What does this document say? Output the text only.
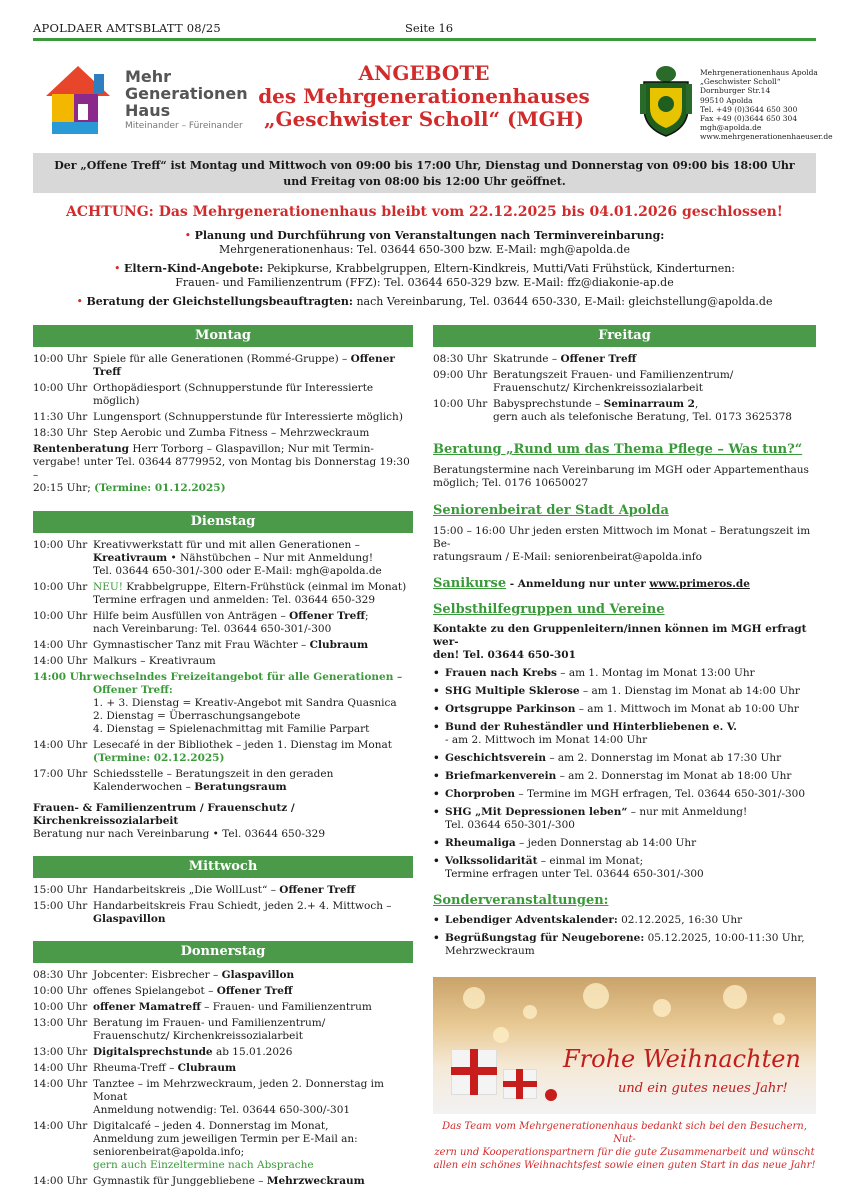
APOLDAER AMTSBLATT 08/25	Seite 16
Mehr
Generationen
Haus
Miteinander – Füreinander
ANGEBOTE
des Mehrgenerationenhauses
„Geschwister Scholl“ (MGH)
Mehrgenerationenhaus Apolda
„Geschwister Scholl“
Dornburger Str.14
99510 Apolda
Tel. +49 (0)3644 650 300
Fax +49 (0)3644 650 304
mgh@apolda.de
www.mehrgenerationenhaeuser.de
Der „Offene Treff“ ist Montag und Mittwoch von 09:00 bis 17:00 Uhr, Dienstag und Donnerstag von 09:00 bis 18:00 Uhr
und Freitag von 08:00 bis 12:00 Uhr geöffnet.
ACHTUNG: Das Mehrgenerationenhaus bleibt vom 22.12.2025 bis 04.01.2026 geschlossen!
• Planung und Durchführung von Veranstaltungen nach Terminvereinbarung:
Mehrgenerationenhaus: Tel. 03644 650-300 bzw. E-Mail: mgh@apolda.de
• Eltern-Kind-Angebote: Pekipkurse, Krabbelgruppen, Eltern-Kindkreis, Mutti/Vati Frühstück, Kinderturnen:
Frauen- und Familienzentrum (FFZ): Tel. 03644 650-329 bzw. E-Mail: ffz@diakonie-ap.de
• Beratung der Gleichstellungsbeauftragten: nach Vereinbarung, Tel. 03644 650-330, E-Mail: gleichstellung@apolda.de
Montag
10:00 Uhr Spiele für alle Generationen (Rommé-Gruppe) – Offener Treff
10:00 Uhr Orthopädiesport (Schnupperstunde für Interessierte möglich)
11:30 Uhr Lungensport (Schnupperstunde für Interessierte möglich)
18:30 Uhr Step Aerobic und Zumba Fitness – Mehrzweckraum
Rentenberatung Herr Torborg – Glaspavillon; Nur mit Termin-
vergabe! unter Tel. 03644 8779952, von Montag bis Donnerstag 19:30 –
20:15 Uhr; (Termine: 01.12.2025)
Dienstag
10:00 Uhr Kreativwerkstatt für und mit allen Generationen –
Kreativraum • Nähstübchen – Nur mit Anmeldung!
Tel. 03644 650-301/-300 oder E-Mail: mgh@apolda.de
10:00 Uhr NEU! Krabbelgruppe, Eltern-Frühstück (einmal im Monat)
Termine erfragen und anmelden: Tel. 03644 650-329
10:00 Uhr Hilfe beim Ausfüllen von Anträgen – Offener Treff;
nach Vereinbarung: Tel. 03644 650-301/-300
14:00 Uhr Gymnastischer Tanz mit Frau Wächter – Clubraum
14:00 Uhr Malkurs – Kreativraum
14:00 Uhr wechselndes Freizeitangebot für alle Generationen –
Offener Treff:
1. + 3. Dienstag = Kreativ-Angebot mit Sandra Quasnica
2. Dienstag = Überraschungsangebote
4. Dienstag = Spielenachmittag mit Familie Parpart
14:00 Uhr Lesecafé in der Bibliothek – jeden 1. Dienstag im Monat
(Termine: 02.12.2025)
17:00 Uhr Schiedsstelle – Beratungszeit in den geraden
Kalenderwochen – Beratungsraum
Frauen- & Familienzentrum / Frauenschutz / Kirchenkreissozialarbeit
Beratung nur nach Vereinbarung • Tel. 03644 650-329
Mittwoch
15:00 Uhr Handarbeitskreis „Die WollLust“ – Offener Treff
15:00 Uhr Handarbeitskreis Frau Schiedt, jeden 2.+ 4. Mittwoch –
Glaspavillon
Donnerstag
08:30 Uhr Jobcenter: Eisbrecher – Glaspavillon
10:00 Uhr offenes Spielangebot – Offener Treff
10:00 Uhr offener Mamatreff – Frauen- und Familienzentrum
13:00 Uhr Beratung im Frauen- und Familienzentrum/
Frauenschutz/ Kirchenkreissozialarbeit
13:00 Uhr Digitalsprechstunde ab 15.01.2026
14:00 Uhr Rheuma-Treff – Clubraum
14:00 Uhr Tanztee – im Mehrzweckraum, jeden 2. Donnerstag im Monat
Anmeldung notwendig: Tel. 03644 650-300/-301
14:00 Uhr Digitalcafé – jeden 4. Donnerstag im Monat,
Anmeldung zum jeweiligen Termin per E-Mail an:
seniorenbeirat@apolda.info;
gern auch Einzeltermine nach Absprache
14:00 Uhr Gymnastik für Junggebliebene – Mehrzweckraum
Freitag
08:30 Uhr Skatrunde – Offener Treff
09:00 Uhr Beratungszeit Frauen- und Familienzentrum/
Frauenschutz/ Kirchenkreissozialarbeit
10:00 Uhr Babysprechstunde – Seminarraum 2,
gern auch als telefonische Beratung, Tel. 0173 3625378
Beratung „Rund um das Thema Pflege – Was tun?“
Beratungstermine nach Vereinbarung im MGH oder Appartementhaus
möglich; Tel. 0176 10650027
Seniorenbeirat der Stadt Apolda
15:00 – 16:00 Uhr jeden ersten Mittwoch im Monat – Beratungszeit im Be-
ratungsraum / E-Mail: seniorenbeirat@apolda.info
Sanikurse - Anmeldung nur unter www.primeros.de
Selbsthilfegruppen und Vereine
Kontakte zu den Gruppenleitern/innen können im MGH erfragt wer-
den! Tel. 03644 650-301
• Frauen nach Krebs – am 1. Montag im Monat 13:00 Uhr
• SHG Multiple Sklerose – am 1. Dienstag im Monat ab 14:00 Uhr
• Ortsgruppe Parkinson – am 1. Mittwoch im Monat ab 10:00 Uhr
• Bund der Ruheständler und Hinterbliebenen e. V.
- am 2. Mittwoch im Monat 14:00 Uhr
• Geschichtsverein – am 2. Donnerstag im Monat ab 17:30 Uhr
• Briefmarkenverein – am 2. Donnerstag im Monat ab 18:00 Uhr
• Chorproben – Termine im MGH erfragen, Tel. 03644 650-301/-300
• SHG „Mit Depressionen leben“ – nur mit Anmeldung!
Tel. 03644 650-301/-300
• Rheumaliga – jeden Donnerstag ab 14:00 Uhr
• Volkssolidarität – einmal im Monat;
Termine erfragen unter Tel. 03644 650-301/-300
Sonderveranstaltungen:
• Lebendiger Adventskalender: 02.12.2025, 16:30 Uhr
• Begrüßungstag für Neugeborene: 05.12.2025, 10:00-11:30 Uhr,
Mehrzweckraum
Frohe Weihnachten
und ein gutes neues Jahr!
Das Team vom Mehrgenerationenhaus bedankt sich bei den Besuchern, Nut-
zern und Kooperationspartnern für die gute Zusammenarbeit und wünscht
allen ein schönes Weihnachtsfest sowie einen guten Start in das neue Jahr!
